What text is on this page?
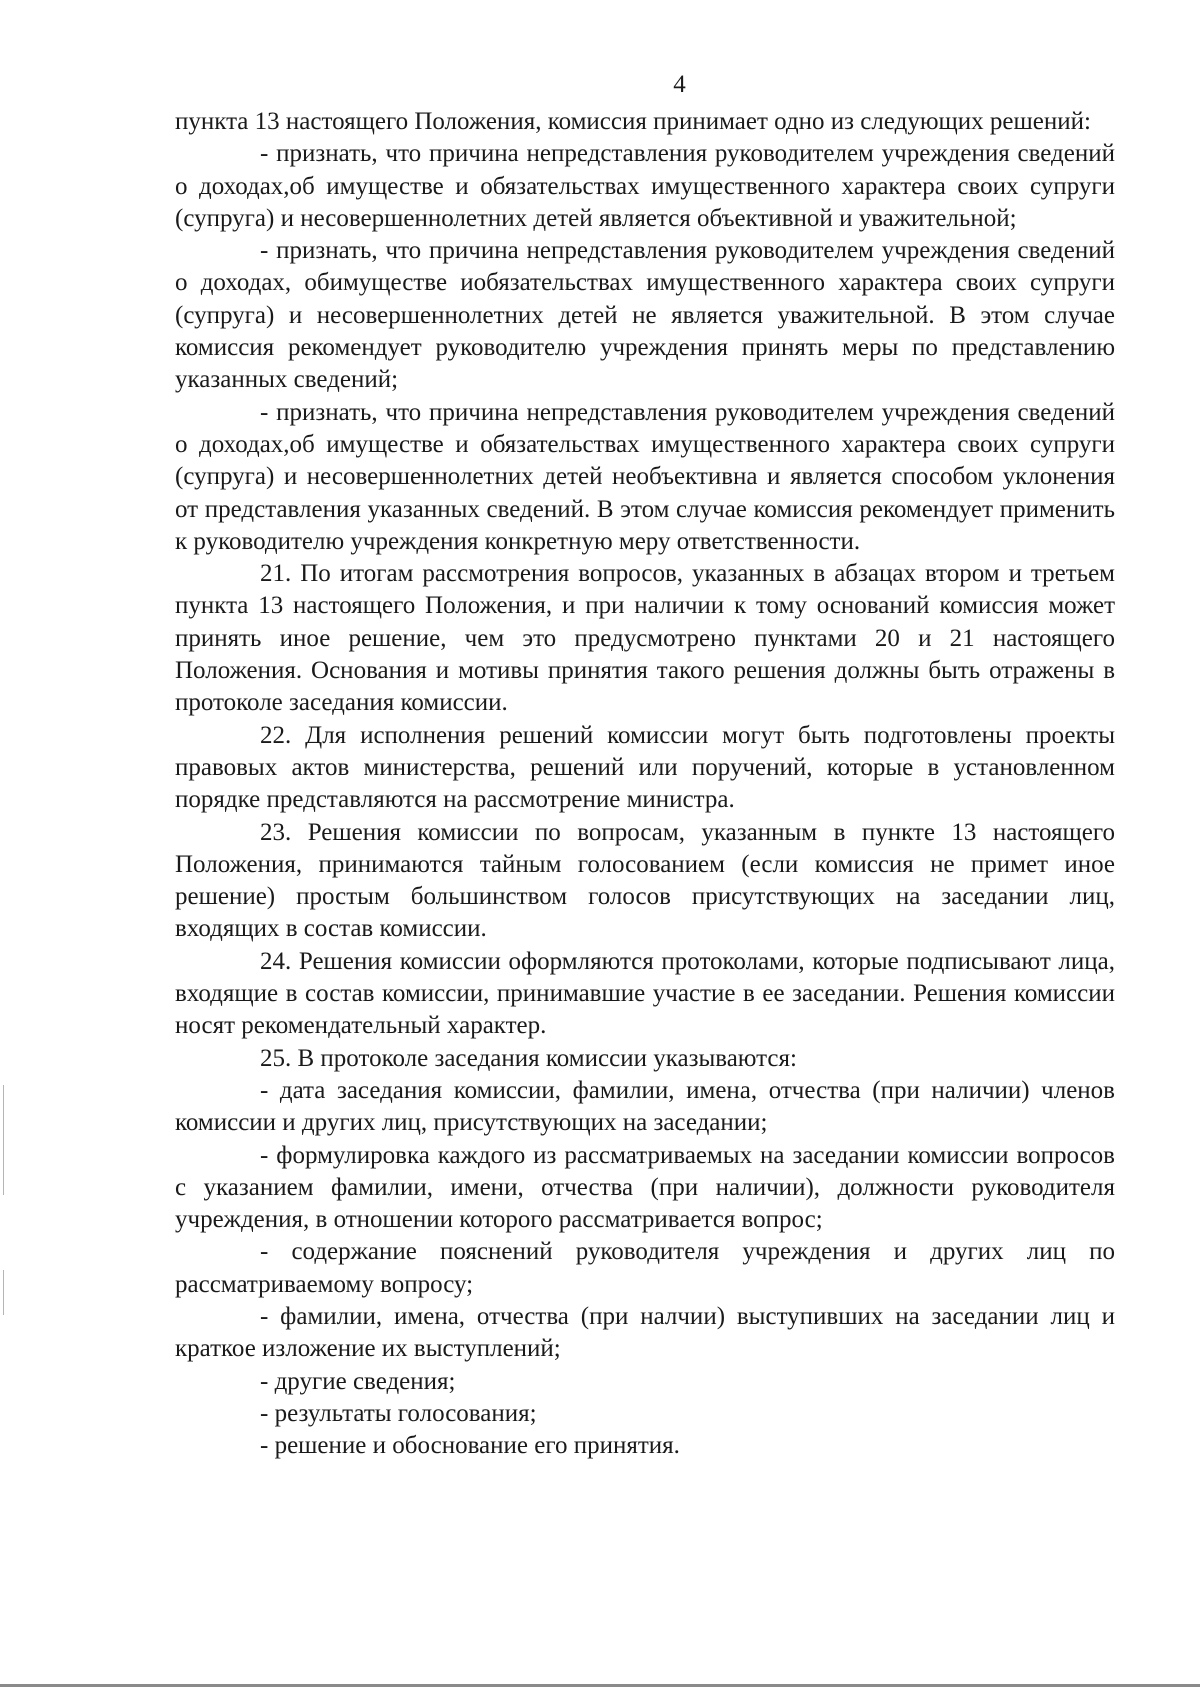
4

пункта 13 настоящего Положения, комиссия принимает одно из следующих решений:

- признать, что причина непредставления руководителем учреждения сведений о доходах,об имуществе и обязательствах имущественного характера своих супруги (супруга) и несовершеннолетних детей является объективной и уважительной;

- признать, что причина непредставления руководителем учреждения сведений о доходах, обимуществе иобязательствах имущественного характера своих супруги (супруга) и несовершеннолетних детей не является уважительной. В этом случае комиссия рекомендует руководителю учреждения принять меры по представлению указанных сведений;

- признать, что причина непредставления руководителем учреждения сведений о доходах,об имуществе и обязательствах имущественного характера своих супруги (супруга) и несовершеннолетних детей необъективна и является способом уклонения от представления указанных сведений. В этом случае комиссия рекомендует применить к руководителю учреждения конкретную меру ответственности.

21. По итогам рассмотрения вопросов, указанных в абзацах втором и третьем пункта 13 настоящего Положения, и при наличии к тому оснований комиссия может принять иное решение, чем это предусмотрено пунктами 20 и 21 настоящего Положения. Основания и мотивы принятия такого решения должны быть отражены в протоколе заседания комиссии.

22. Для исполнения решений комиссии могут быть подготовлены проекты правовых актов министерства, решений или поручений, которые в установленном порядке представляются на рассмотрение министра.

23. Решения комиссии по вопросам, указанным в пункте 13 настоящего Положения, принимаются тайным голосованием (если комиссия не примет иное решение) простым большинством голосов присутствующих на заседании лиц, входящих в состав комиссии.

24. Решения комиссии оформляются протоколами, которые подписывают лица, входящие в состав комиссии, принимавшие участие в ее заседании. Решения комиссии носят рекомендательный характер.

25. В протоколе заседания комиссии указываются:

- дата заседания комиссии, фамилии, имена, отчества (при наличии) членов комиссии и других лиц, присутствующих на заседании;

- формулировка каждого из рассматриваемых на заседании комиссии вопросов с указанием фамилии, имени, отчества (при наличии), должности руководителя учреждения, в отношении которого рассматривается вопрос;

- содержание пояснений руководителя учреждения и других лиц по рассматриваемому вопросу;

- фамилии, имена, отчества (при налчии) выступивших на заседании лиц и краткое изложение их выступлений;

- другие сведения;

- результаты голосования;

- решение и обоснование его принятия.
